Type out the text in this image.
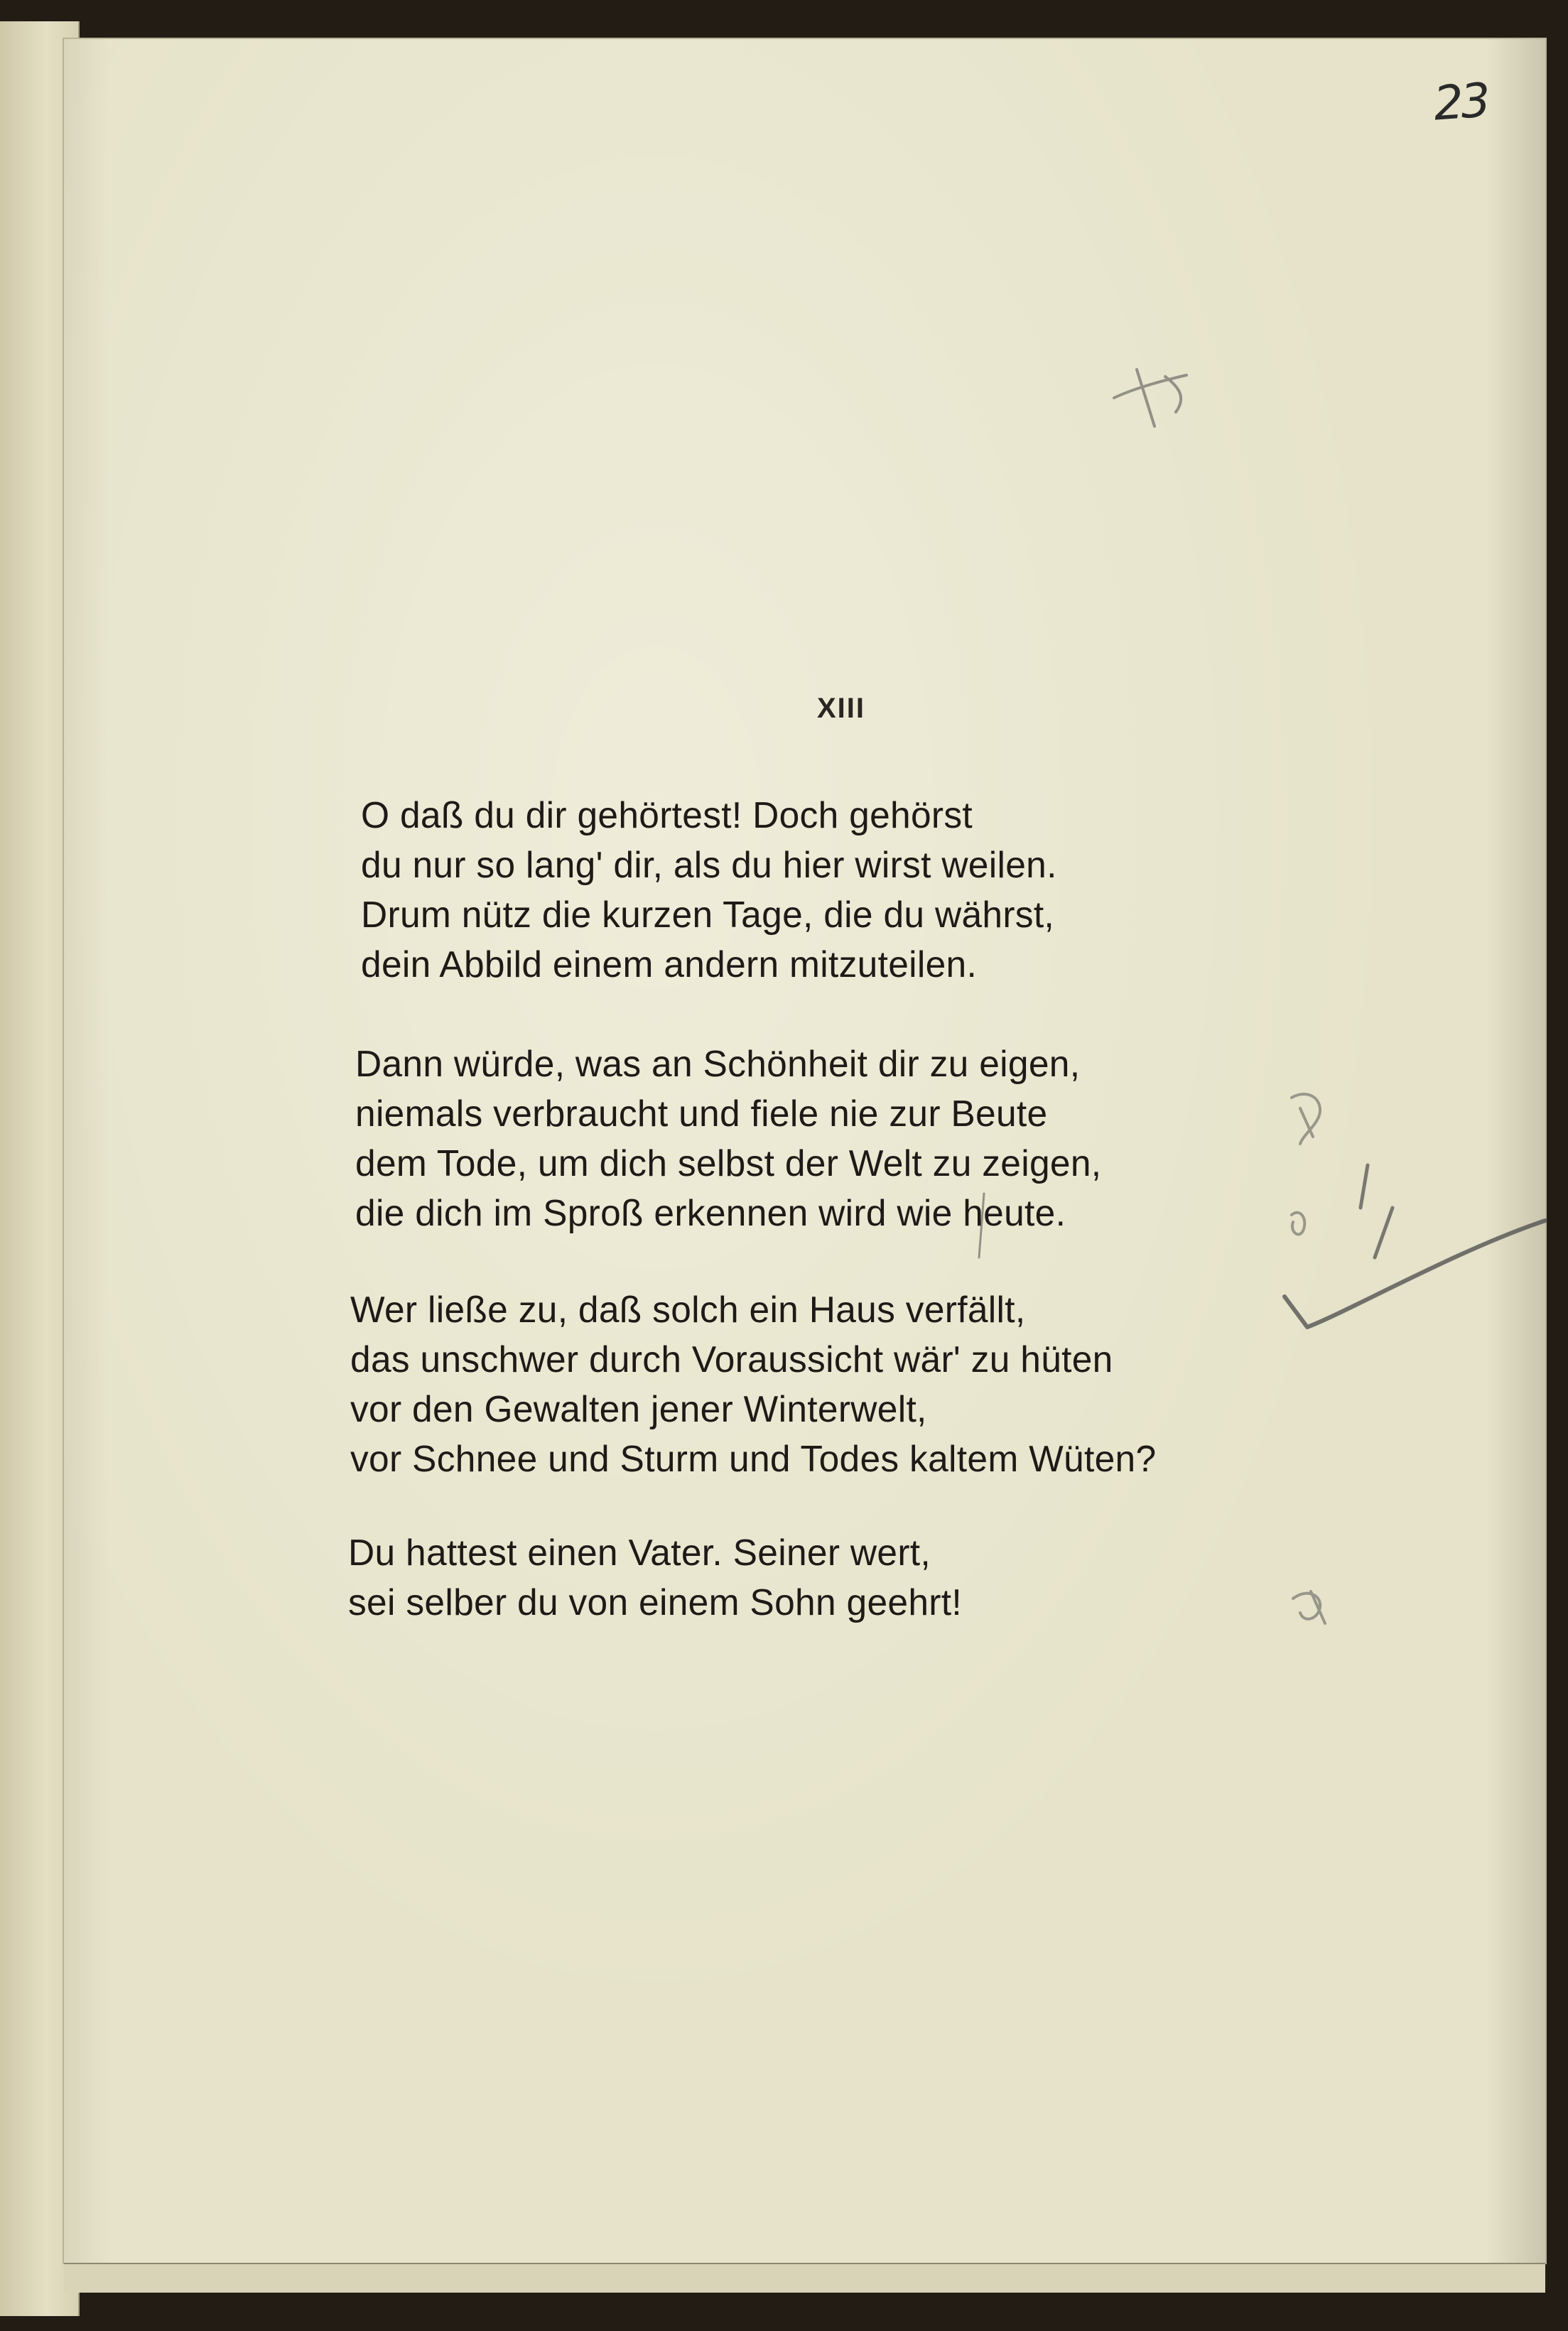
23
XIII
O daß du dir gehörtest! Doch gehörst
du nur so lang' dir, als du hier wirst weilen.
Drum nütz die kurzen Tage, die du währst,
dein Abbild einem andern mitzuteilen.
Dann würde, was an Schönheit dir zu eigen,
niemals verbraucht und fiele nie zur Beute
dem Tode, um dich selbst der Welt zu zeigen,
die dich im Sproß erkennen wird wie heute.
Wer ließe zu, daß solch ein Haus verfällt,
das unschwer durch Voraussicht wär' zu hüten
vor den Gewalten jener Winterwelt,
vor Schnee und Sturm und Todes kaltem Wüten?
Du hattest einen Vater. Seiner wert,
sei selber du von einem Sohn geehrt!
